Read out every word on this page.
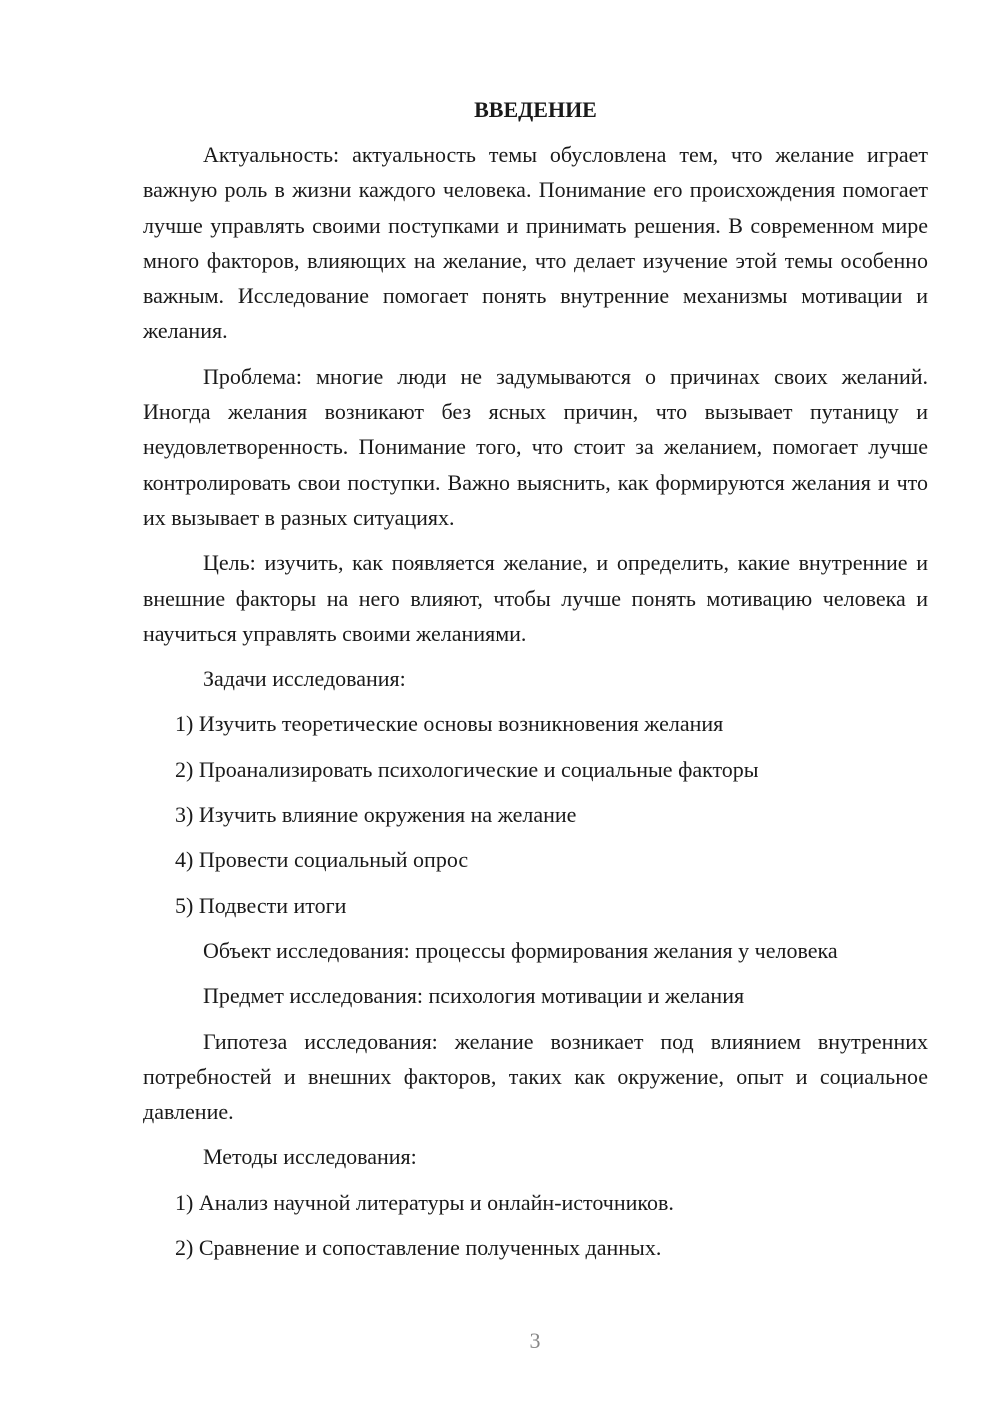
ВВЕДЕНИЕ
Актуальность: актуальность темы обусловлена тем, что желание играет важную роль в жизни каждого человека. Понимание его происхождения помогает лучше управлять своими поступками и принимать решения. В современном мире много факторов, влияющих на желание, что делает изучение этой темы особенно важным. Исследование помогает понять внутренние механизмы мотивации и желания.
Проблема: многие люди не задумываются о причинах своих желаний. Иногда желания возникают без ясных причин, что вызывает путаницу и неудовлетворенность. Понимание того, что стоит за желанием, помогает лучше контролировать свои поступки. Важно выяснить, как формируются желания и что их вызывает в разных ситуациях.
Цель: изучить, как появляется желание, и определить, какие внутренние и внешние факторы на него влияют, чтобы лучше понять мотивацию человека и научиться управлять своими желаниями.
Задачи исследования:
1) Изучить теоретические основы возникновения желания
2) Проанализировать психологические и социальные факторы
3) Изучить влияние окружения на желание
4) Провести социальный опрос
5) Подвести итоги
Объект исследования: процессы формирования желания у человека
Предмет исследования: психология мотивации и желания
Гипотеза исследования: желание возникает под влиянием внутренних потребностей и внешних факторов, таких как окружение, опыт и социальное давление.
Методы исследования:
1) Анализ научной литературы и онлайн-источников.
2) Сравнение и сопоставление полученных данных.
3
